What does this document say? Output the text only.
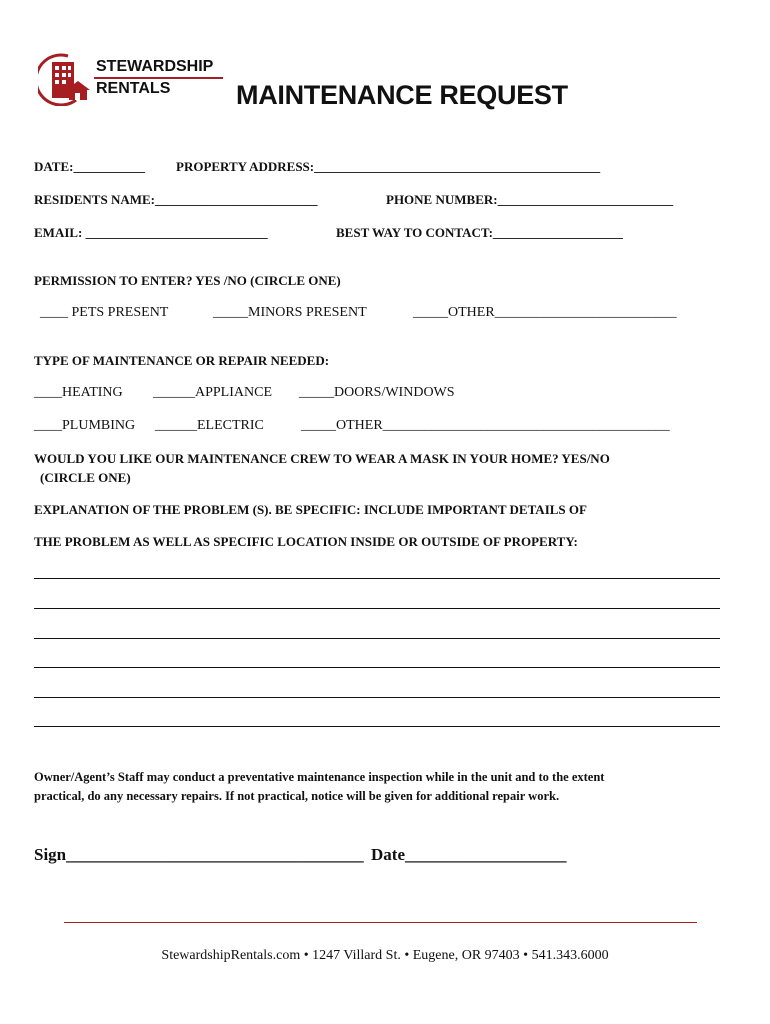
STEWARDSHIP
RENTALS MAINTENANCE REQUEST
DATE:___________ PROPERTY ADDRESS:____________________________________________
RESIDENTS NAME:_________________________	PHONE NUMBER:___________________________
EMAIL: ____________________________	BEST WAY TO CONTACT:____________________
PERMISSION TO ENTER? YES /NO (CIRCLE ONE)
____ PETS PRESENT	_____MINORS PRESENT	_____OTHER__________________________
TYPE OF MAINTENANCE OR REPAIR NEEDED:
____HEATING ______APPLIANCE _____DOORS/WINDOWS
____PLUMBING ______ELECTRIC	_____OTHER_________________________________________
WOULD YOU LIKE OUR MAINTENANCE CREW TO WEAR A MASK IN YOUR HOME? YES/NO
(CIRCLE ONE)
EXPLANATION OF THE PROBLEM (S). BE SPECIFIC: INCLUDE IMPORTANT DETAILS OF
THE PROBLEM AS WELL AS SPECIFIC LOCATION INSIDE OR OUTSIDE OF PROPERTY:
Owner/Agent’s Staff may conduct a preventative maintenance inspection while in the unit and to the extent
practical, do any necessary repairs. If not practical, notice will be given for additional repair work.
Sign___________________________________ Date___________________
StewardshipRentals.com • 1247 Villard St. • Eugene, OR 97403 • 541.343.6000
